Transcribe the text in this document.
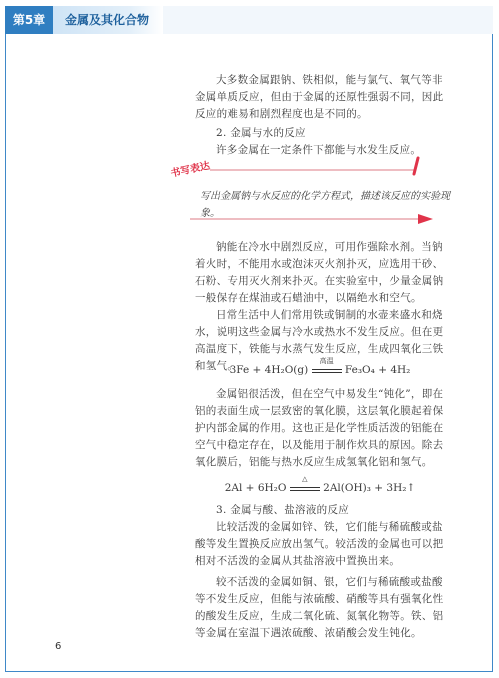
第5章	金属及其化合物

大多数金属跟钠、铁相似，能与氯气、氧气等非金属单质反应，但由于金属的还原性强弱不同，因此反应的难易和剧烈程度也是不同的。

2. 金属与水的反应

许多金属在一定条件下都能与水发生反应。

书写表达
写出金属钠与水反应的化学方程式，描述该反应的实验现象。

钠能在冷水中剧烈反应，可用作强除水剂。当钠着火时，不能用水或泡沫灭火剂扑灭，应选用干砂、石粉、专用灭火剂来扑灭。在实验室中，少量金属钠一般保存在煤油或石蜡油中，以隔绝水和空气。

日常生活中人们常用铁或铜制的水壶来盛水和烧水，说明这些金属与冷水或热水不发生反应。但在更高温度下，铁能与水蒸气发生反应，生成四氧化三铁和氢气。

3Fe + 4H₂O(g)
高温
Fe₃O₄ + 4H₂

金属铝很活泼，但在空气中易发生“钝化”，即在铝的表面生成一层致密的氧化膜，这层氧化膜起着保护内部金属的作用。这也正是化学性质活泼的铝能在空气中稳定存在，以及能用于制作炊具的原因。除去氧化膜后，铝能与热水反应生成氢氧化铝和氢气。

2Al + 6H₂O
△
2Al(OH)₃ + 3H₂↑

3. 金属与酸、盐溶液的反应

比较活泼的金属如锌、铁，它们能与稀硫酸或盐酸等发生置换反应放出氢气。较活泼的金属也可以把相对不活泼的金属从其盐溶液中置换出来。

较不活泼的金属如铜、银，它们与稀硫酸或盐酸等不发生反应，但能与浓硫酸、硝酸等具有强氧化性的酸发生反应，生成二氧化硫、氮氧化物等。铁、铝等金属在室温下遇浓硫酸、浓硝酸会发生钝化。

6
